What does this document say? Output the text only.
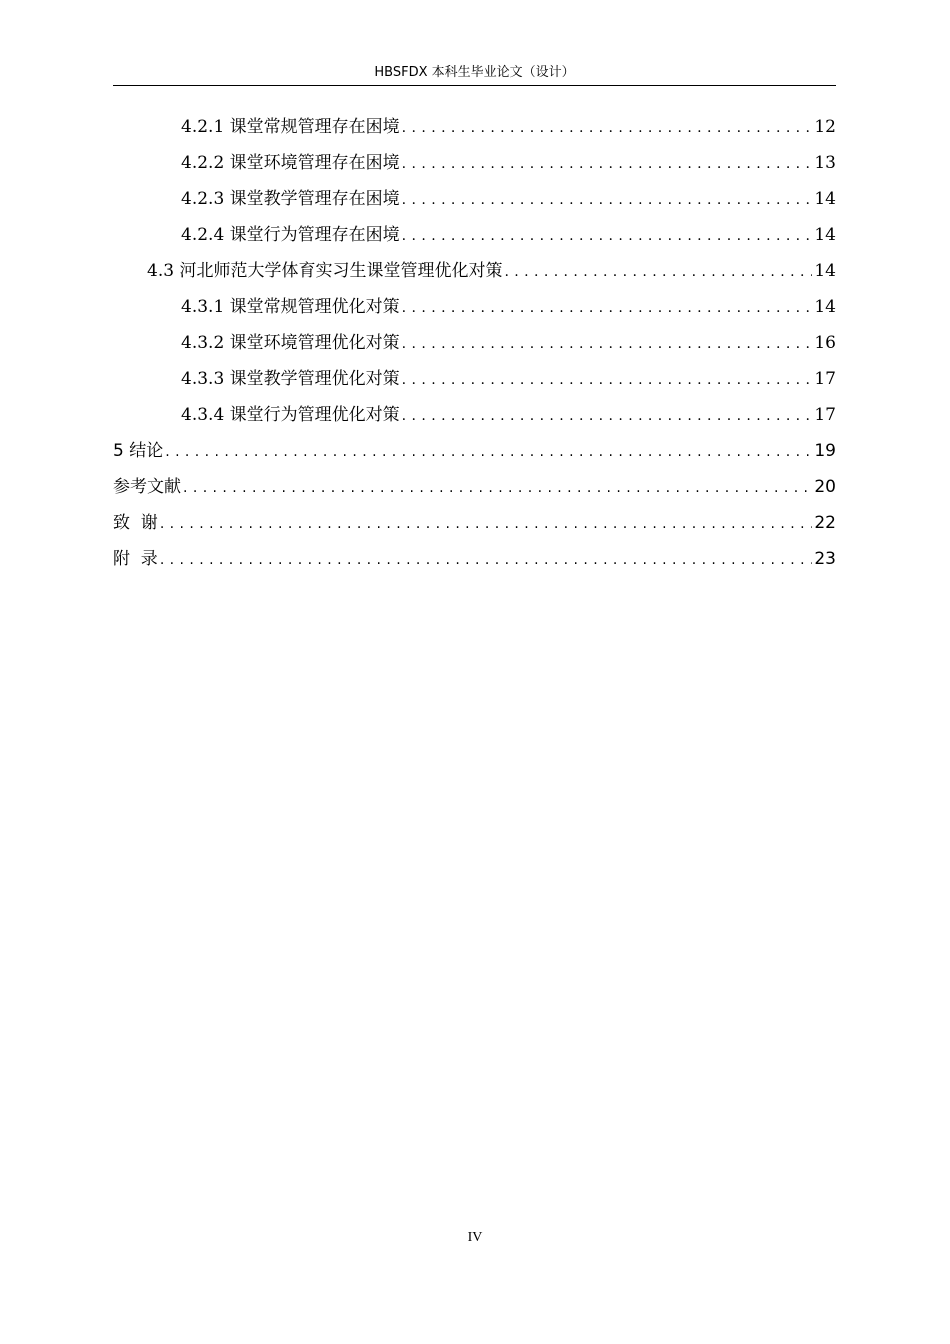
HBSFDX 本科生毕业论文（设计）
4.2.1 课堂常规管理存在困境 .....	12
4.2.2 课堂环境管理存在困境 .....	13
4.2.3 课堂教学管理存在困境 .....	14
4.2.4 课堂行为管理存在困境 .....	14
4.3 河北师范大学体育实习生课堂管理优化对策 .....	14
4.3.1 课堂常规管理优化对策 .....	14
4.3.2 课堂环境管理优化对策 .....	16
4.3.3 课堂教学管理优化对策 .....	17
4.3.4 课堂行为管理优化对策 .....	17
5 结论 .....	19
参考文献 .....	20
致  谢 .....	22
附  录 .....	23
IV
